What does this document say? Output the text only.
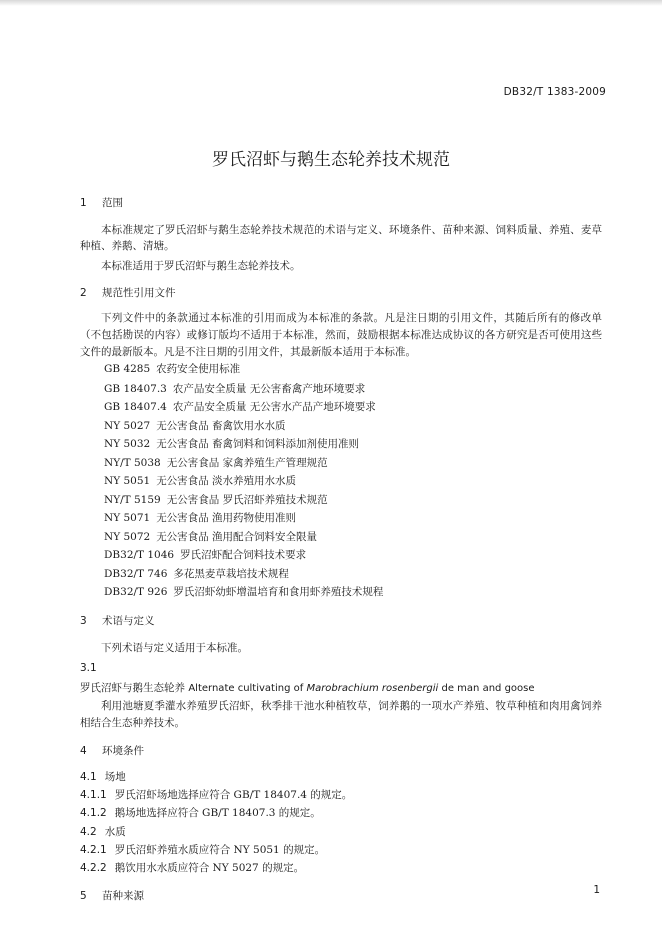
DB32/T 1383-2009
罗氏沼虾与鹅生态轮养技术规范
1 范围
本标准规定了罗氏沼虾与鹅生态轮养技术规范的术语与定义、环境条件、苗种来源、饲料质量、养殖、麦草种植、养鹅、清塘。
本标准适用于罗氏沼虾与鹅生态轮养技术。
2 规范性引用文件
下列文件中的条款通过本标准的引用而成为本标准的条款。凡是注日期的引用文件，其随后所有的修改单（不包括勘误的内容）或修订版均不适用于本标准，然而，鼓励根据本标准达成协议的各方研究是否可使用这些文件的最新版本。凡是不注日期的引用文件，其最新版本适用于本标准。
GB 4285 农药安全使用标准
GB 18407.3 农产品安全质量 无公害畜禽产地环境要求
GB 18407.4 农产品安全质量 无公害水产品产地环境要求
NY 5027 无公害食品 畜禽饮用水水质
NY 5032 无公害食品 畜禽饲料和饲料添加剂使用准则
NY/T 5038 无公害食品 家禽养殖生产管理规范
NY 5051 无公害食品 淡水养殖用水水质
NY/T 5159 无公害食品 罗氏沼虾养殖技术规范
NY 5071 无公害食品 渔用药物使用准则
NY 5072 无公害食品 渔用配合饲料安全限量
DB32/T 1046 罗氏沼虾配合饲料技术要求
DB32/T 746 多花黑麦草栽培技术规程
DB32/T 926 罗氏沼虾幼虾增温培育和食用虾养殖技术规程
3 术语与定义
下列术语与定义适用于本标准。
3.1
罗氏沼虾与鹅生态轮养 Alternate cultivating of Marobrachium rosenbergii de man and goose
利用池塘夏季灌水养殖罗氏沼虾，秋季排干池水种植牧草，饲养鹅的一项水产养殖、牧草种植和肉用禽饲养相结合生态种养技术。
4 环境条件
4.1 场地
4.1.1 罗氏沼虾场地选择应符合 GB/T 18407.4 的规定。
4.1.2 鹅场地选择应符合 GB/T 18407.3 的规定。
4.2 水质
4.2.1 罗氏沼虾养殖水质应符合 NY 5051 的规定。
4.2.2 鹅饮用水水质应符合 NY 5027 的规定。
5 苗种来源	1
